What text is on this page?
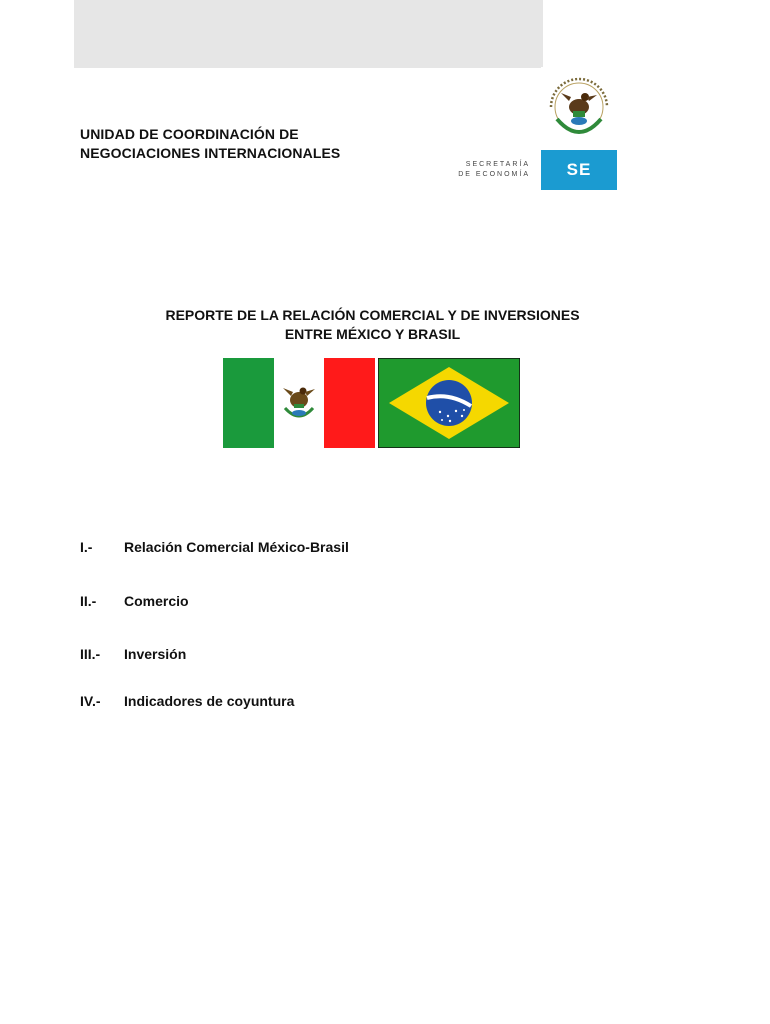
UNIDAD DE COORDINACIÓN DE
NEGOCIACIONES INTERNACIONALES
SECRETARÍA
DE ECONOMÍA	SE
REPORTE DE LA RELACIÓN COMERCIAL Y DE INVERSIONES
ENTRE MÉXICO Y BRASIL
I.- Relación Comercial México-Brasil
II.- Comercio
III.- Inversión
IV.- Indicadores de coyuntura
